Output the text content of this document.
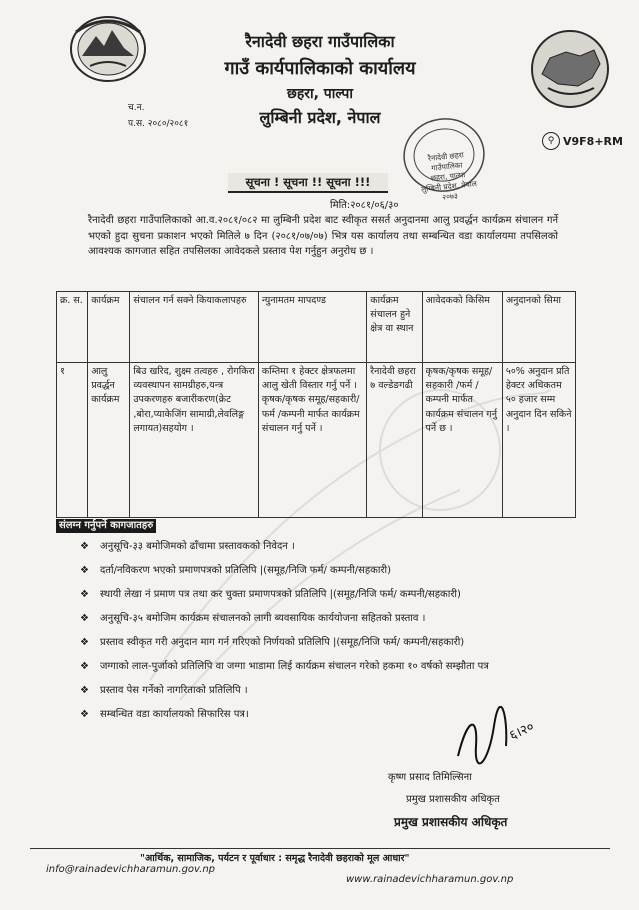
रैनादेवी छहरा गाउँपालिका
गाउँ कार्यपालिकाको कार्यालय
छहरा, पाल्पा
लुम्बिनी प्रदेश, नेपाल
च.न.
प.स. २०८०/२०८१
⚲ V9F8+RM
रैनादेवी छहरा
गाउँपालिका
छहरा, पाल्पा
लुम्बिनी प्रदेश, नेपाल
२०७३
सूचना ! सूचना !! सूचना !!!
मिति:२०८१/०६/३०
रैनादेवी छहरा गाउँपालिकाको आ.व.२०८१/०८२ मा लुम्बिनी प्रदेश बाट स्वीकृत ससर्त अनुदानमा आलु प्रवर्द्धन कार्यक्रम संचालन गर्ने भएको हुदा सुचना प्रकाशन भएको मितिले ७ दिन (२०८१/०७/०७) भित्र यस कार्यालय तथा सम्बन्धित वडा कार्यालयमा तपसिलको आवश्यक कागजात सहित तपसिलका आवेदकले प्रस्ताव पेश गर्नुहुन अनुरोध छ ।
क्र. स.	कार्यक्रम	संचालन गर्न सक्ने कियाकलापहरु	न्युनामतम मापदण्ड	कार्यक्रम संचालन हुने क्षेत्र वा स्थान	आवेदकको किसिम	अनुदानको सिमा
१	आलु प्रवर्द्धन कार्यक्रम	बिउ खरिद, शुक्ष्म तत्वहरु , रोगकिरा व्यवस्थापन सामग्रीहरु,यन्त्र उपकरणहरु बजारीकरण(क्रेट ,बोरा,प्याकेजिंग सामाग्री,लेवलिङ्ग लगायत)सहयोग ।	कम्तिमा १ हेक्टर क्षेत्रफलमा आलु खेती विस्तार गर्नु पर्ने । कृषक/कृषक समूह/सहकारी/फर्म /कम्पनी मार्फत कार्यक्रम संचालन गर्नु पर्ने ।	रैनादेवी छहरा ७ वल्डेङगढी	कृषक/कृषक समूह/सहकारी /फर्म /कम्पनी मार्फत कार्यक्रम संचालन गर्नु पर्ने छ ।	५०% अनुदान प्रति हेक्टर अधिकतम ५० हजार सम्म अनुदान दिन सकिने ।
संलग्न गर्नुपर्ने कागजातहरु
❖ अनुसूचि-३३ बमोजिमको ढाँचामा प्रस्तावकको निवेदन ।
❖ दर्ता/नविकरण भएको प्रमाणपत्रको प्रतिलिपि |(समूह/निजि फर्म/ कम्पनी/सहकारी)
❖ स्थायी लेखा नं प्रमाण पत्र तथा कर चुक्ता प्रमाणपत्रको प्रतिलिपि |(समूह/निजि फर्म/ कम्पनी/सहकारी)
❖ अनुसूचि-३५ बमोजिम कार्यक्रम संचालनको लागी ब्यवसायिक कार्ययोजना सहितको प्रस्ताव ।
❖ प्रस्ताव स्वीकृत गरी अनुदान माग गर्न गरिएको निर्णयको प्रतिलिपि |(समूह/निजि फर्म/ कम्पनी/सहकारी)
❖ जग्गाको लाल-पुर्जाको प्रतिलिपि वा जग्गा भाडामा लिई कार्यक्रम संचालन गरेको हकमा १० वर्षको सम्झौता पत्र
❖ प्रस्ताव पेस गर्नेको नागरिताको प्रतिलिपि ।
❖ सम्बन्धित वडा कार्यालयको सिफारिस पत्र।
६।२०
कृष्ण प्रसाद तिमिल्सिना
प्रमुख प्रशासकीय अधिकृत
प्रमुख प्रशासकीय अधिकृत
"आर्थिक, सामाजिक, पर्यटन र पूर्वाधार : समृद्ध रैनादेवी छहराको मूल आधार"
info@rainadevichharamun.gov.np
www.rainadevichharamun.gov.np
